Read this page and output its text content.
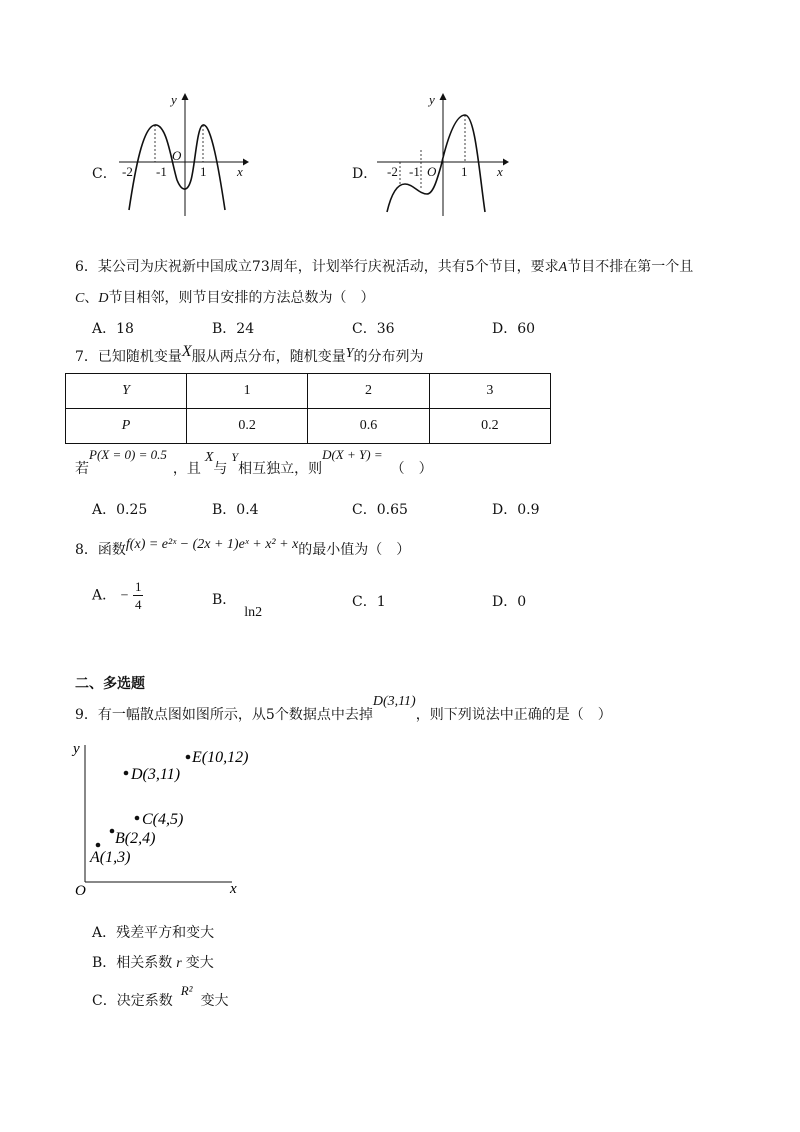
C．
y
x
O
-2 -1	1	D．
y
x
O
-2 -1	1
6．某公司为庆祝新中国成立73周年，计划举行庆祝活动，共有5个节目，要求A节目不排在第一个且
C、D节目相邻，则节目安排的方法总数为（　）
A．18	B．24	C．36	D．60
7．已知随机变量X服从两点分布，随机变量Y的分布列为
Y	1	2	3
P	0.2	0.6	0.2
若P(X = 0) = 0.5，且X与Y相互独立，则D(X + Y) =（　）
A．0.25	B．0.4	C．0.65	D．0.9
8．函数f(x) = e²ˣ − (2x + 1)eˣ + x² + x的最小值为（　）
A． − $\frac{1}{4}$	B．ln2
C．1	D．0
二、多选题
9．有一幅散点图如图所示，从5个数据点中去掉D(3,11)，则下列说法中正确的是（　）
y
x
O
A(1,3)
B(2,4)
C(4,5)
D(3,11)
E(10,12)
A．残差平方和变大
B．相关系数 r 变大
C．决定系数R²变大
